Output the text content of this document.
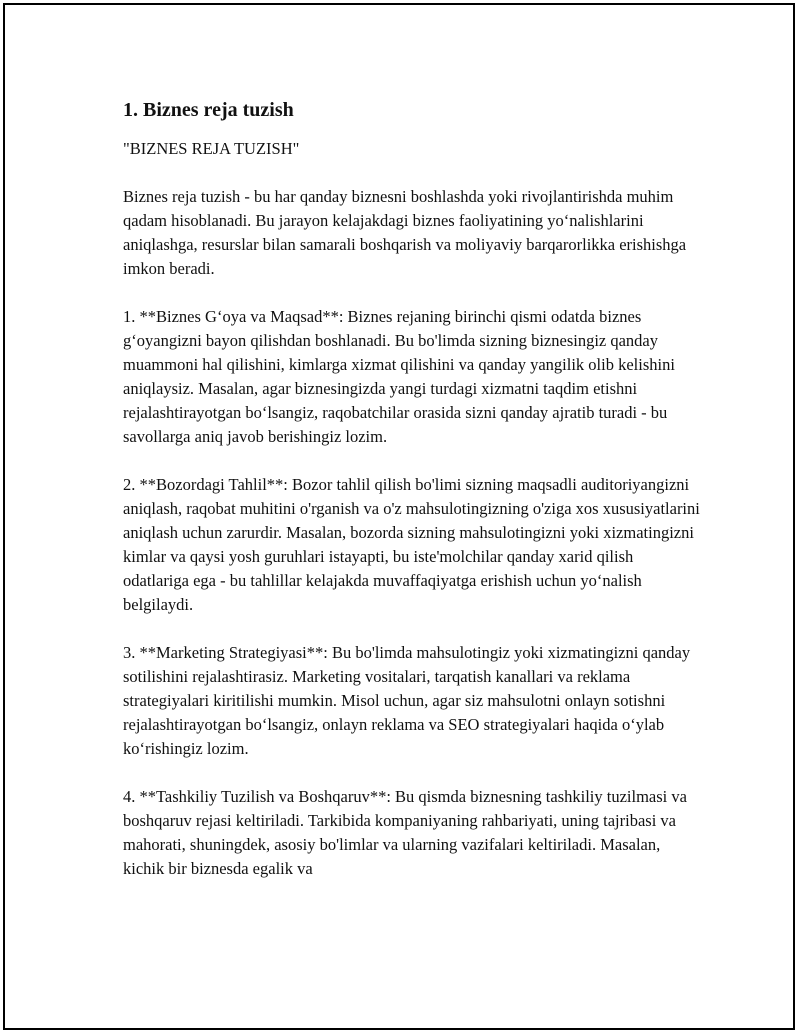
1. Biznes reja tuzish

"BIZNES REJA TUZISH"

Biznes reja tuzish - bu har qanday biznesni boshlashda yoki rivojlantirishda muhim qadam hisoblanadi. Bu jarayon kelajakdagi biznes faoliyatining yo‘nalishlarini aniqlashga, resurslar bilan samarali boshqarish va moliyaviy barqarorlikka erishishga imkon beradi.

1. **Biznes G‘oya va Maqsad**: Biznes rejaning birinchi qismi odatda biznes g‘oyangizni bayon qilishdan boshlanadi. Bu bo'limda sizning biznesingiz qanday muammoni hal qilishini, kimlarga xizmat qilishini va qanday yangilik olib kelishini aniqlaysiz. Masalan, agar biznesingizda yangi turdagi xizmatni taqdim etishni rejalashtirayotgan bo‘lsangiz, raqobatchilar orasida sizni qanday ajratib turadi - bu savollarga aniq javob berishingiz lozim.

2. **Bozordagi Tahlil**: Bozor tahlil qilish bo'limi sizning maqsadli auditoriyangizni aniqlash, raqobat muhitini o'rganish va o'z mahsulotingizning o'ziga xos xususiyatlarini aniqlash uchun zarurdir. Masalan, bozorda sizning mahsulotingizni yoki xizmatingizni kimlar va qaysi yosh guruhlari istayapti, bu iste'molchilar qanday xarid qilish odatlariga ega - bu tahlillar kelajakda muvaffaqiyatga erishish uchun yo‘nalish belgilaydi.

3. **Marketing Strategiyasi**: Bu bo'limda mahsulotingiz yoki xizmatingizni qanday sotilishini rejalashtirasiz. Marketing vositalari, tarqatish kanallari va reklama strategiyalari kiritilishi mumkin. Misol uchun, agar siz mahsulotni onlayn sotishni rejalashtirayotgan bo‘lsangiz, onlayn reklama va SEO strategiyalari haqida o‘ylab ko‘rishingiz lozim.

4. **Tashkiliy Tuzilish va Boshqaruv**: Bu qismda biznesning tashkiliy tuzilmasi va boshqaruv rejasi keltiriladi. Tarkibida kompaniyaning rahbariyati, uning tajribasi va mahorati, shuningdek, asosiy bo'limlar va ularning vazifalari keltiriladi. Masalan, kichik bir biznesda egalik va
